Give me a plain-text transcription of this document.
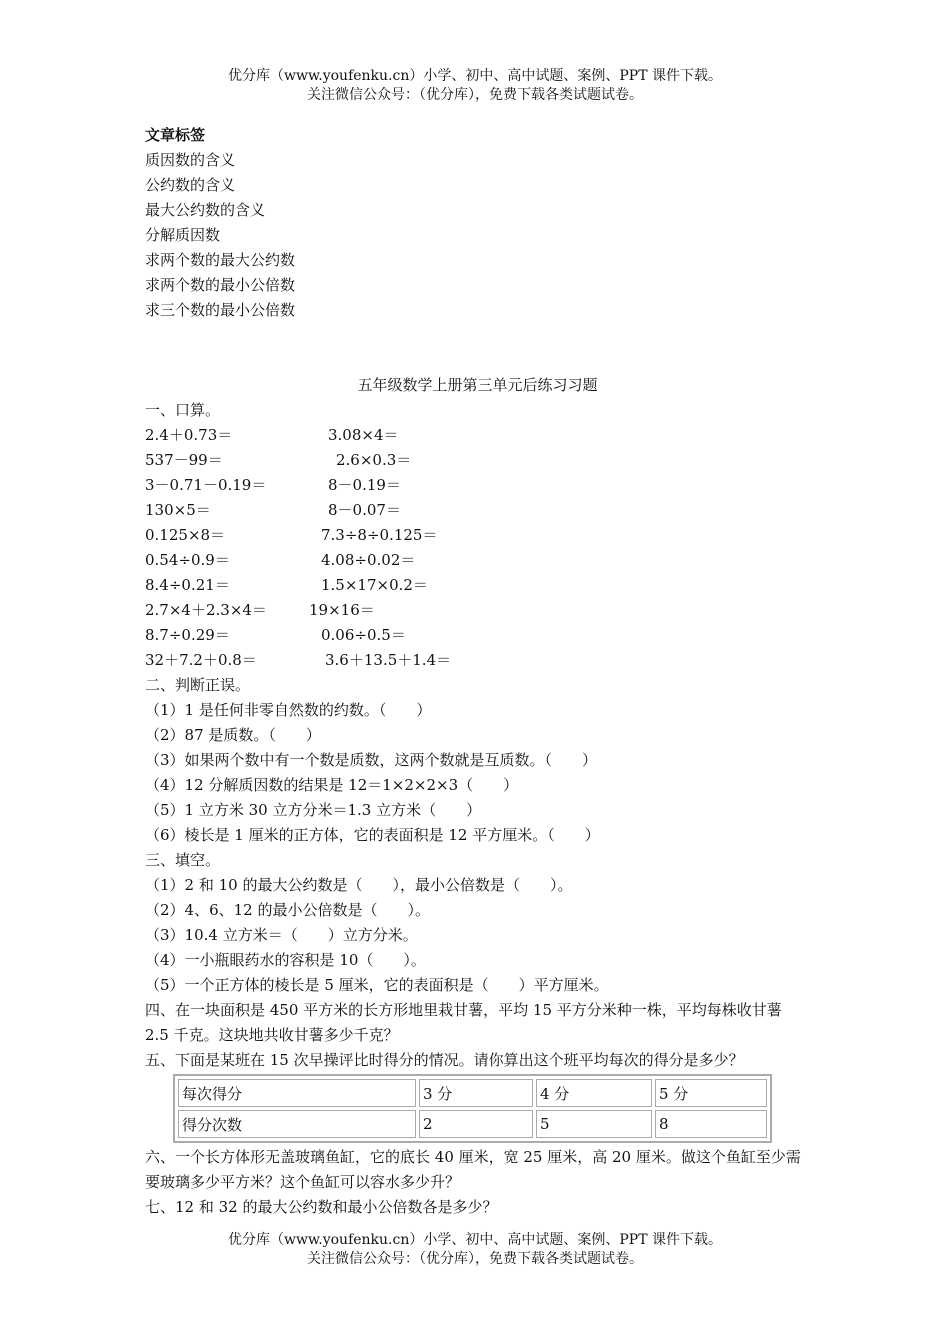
优分库（www.youfenku.cn）小学、初中、高中试题、案例、PPT 课件下载。
关注微信公众号：（优分库），免费下载各类试题试卷。
文章标签
质因数的含义
公约数的含义
最大公约数的含义
分解质因数
求两个数的最大公约数
求两个数的最小公倍数
求三个数的最小公倍数
五年级数学上册第三单元后练习习题
一、口算。
2.4＋0.73＝	3.08×4＝
537－99＝	2.6×0.3＝
3－0.71－0.19＝	8－0.19＝
130×5＝	8－0.07＝
0.125×8＝	7.3÷8÷0.125＝
0.54÷0.9＝	4.08÷0.02＝
8.4÷0.21＝	1.5×17×0.2＝
2.7×4＋2.3×4＝	19×16＝
8.7÷0.29＝	0.06÷0.5＝
32＋7.2＋0.8＝	3.6＋13.5＋1.4＝
二、判断正误。
（1）1 是任何非零自然数的约数。（　　）
（2）87 是质数。（　　）
（3）如果两个数中有一个数是质数，这两个数就是互质数。（　　）
（4）12 分解质因数的结果是 12＝1×2×2×3（　　）
（5）1 立方米 30 立方分米＝1.3 立方米（　　）
（6）棱长是 1 厘米的正方体，它的表面积是 12 平方厘米。（　　）
三、填空。
（1）2 和 10 的最大公约数是（　　），最小公倍数是（　　）。
（2）4、6、12 的最小公倍数是（　　）。
（3）10.4 立方米＝（　　）立方分米。
（4）一小瓶眼药水的容积是 10（　　）。
（5）一个正方体的棱长是 5 厘米，它的表面积是（　　）平方厘米。
四、在一块面积是 450 平方米的长方形地里栽甘薯，平均 15 平方分米种一株，平均每株收甘薯 2.5 千克。这块地共收甘薯多少千克？
五、下面是某班在 15 次早操评比时得分的情况。请你算出这个班平均每次的得分是多少？
每次得分	3 分	4 分	5 分
得分次数	2	5	8
六、一个长方体形无盖玻璃鱼缸，它的底长 40 厘米，宽 25 厘米，高 20 厘米。做这个鱼缸至少需要玻璃多少平方米？这个鱼缸可以容水多少升？
七、12 和 32 的最大公约数和最小公倍数各是多少？
优分库（www.youfenku.cn）小学、初中、高中试题、案例、PPT 课件下载。
关注微信公众号：（优分库），免费下载各类试题试卷。
